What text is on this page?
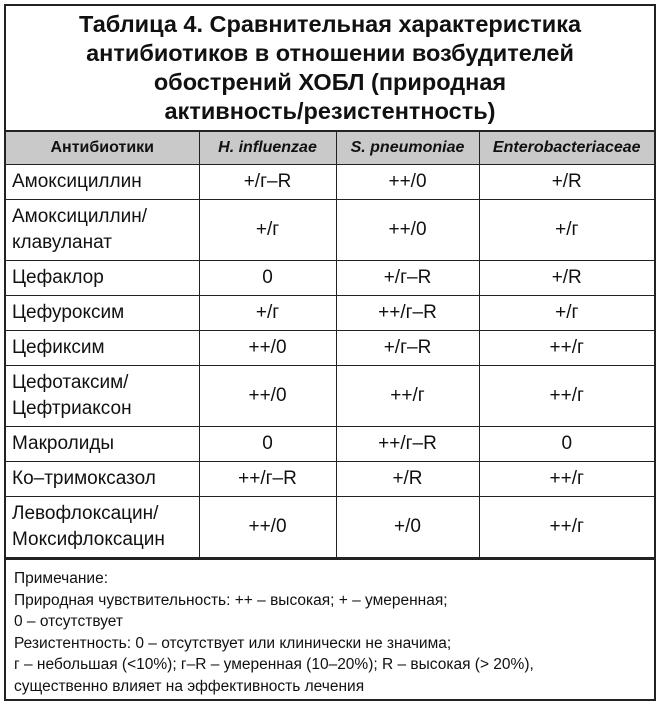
Таблица 4. Сравнительная характеристика
антибиотиков в отношении возбудителей
обострений ХОБЛ (природная
активность/резистентность)
Антибиотики	H. influenzae	S. pneumoniae	Enterobacteriaceae

Амоксициллин	+/г–R	++/0	+/R

Амоксициллин/
клавуланат	+/г	++/0	+/г

Цефаклор	0	+/г–R	+/R

Цефуроксим	+/г	++/г–R	+/г

Цефиксим	++/0	+/г–R	++/г

Цефотаксим/
Цефтриаксон	++/0	++/г	++/г

Макролиды	0	++/г–R	0

Ко–тримоксазол	++/г–R	+/R	++/г

Левофлоксацин/
Моксифлоксацин	++/0	+/0	++/г
Примечание:
Природная чувствительность: ++ – высокая; + – умеренная;
0 – отсутствует
Резистентность: 0 – отсутствует или клинически не значима;
г – небольшая (<10%); г–R – умеренная (10–20%); R – высокая (> 20%),
существенно влияет на эффективность лечения
